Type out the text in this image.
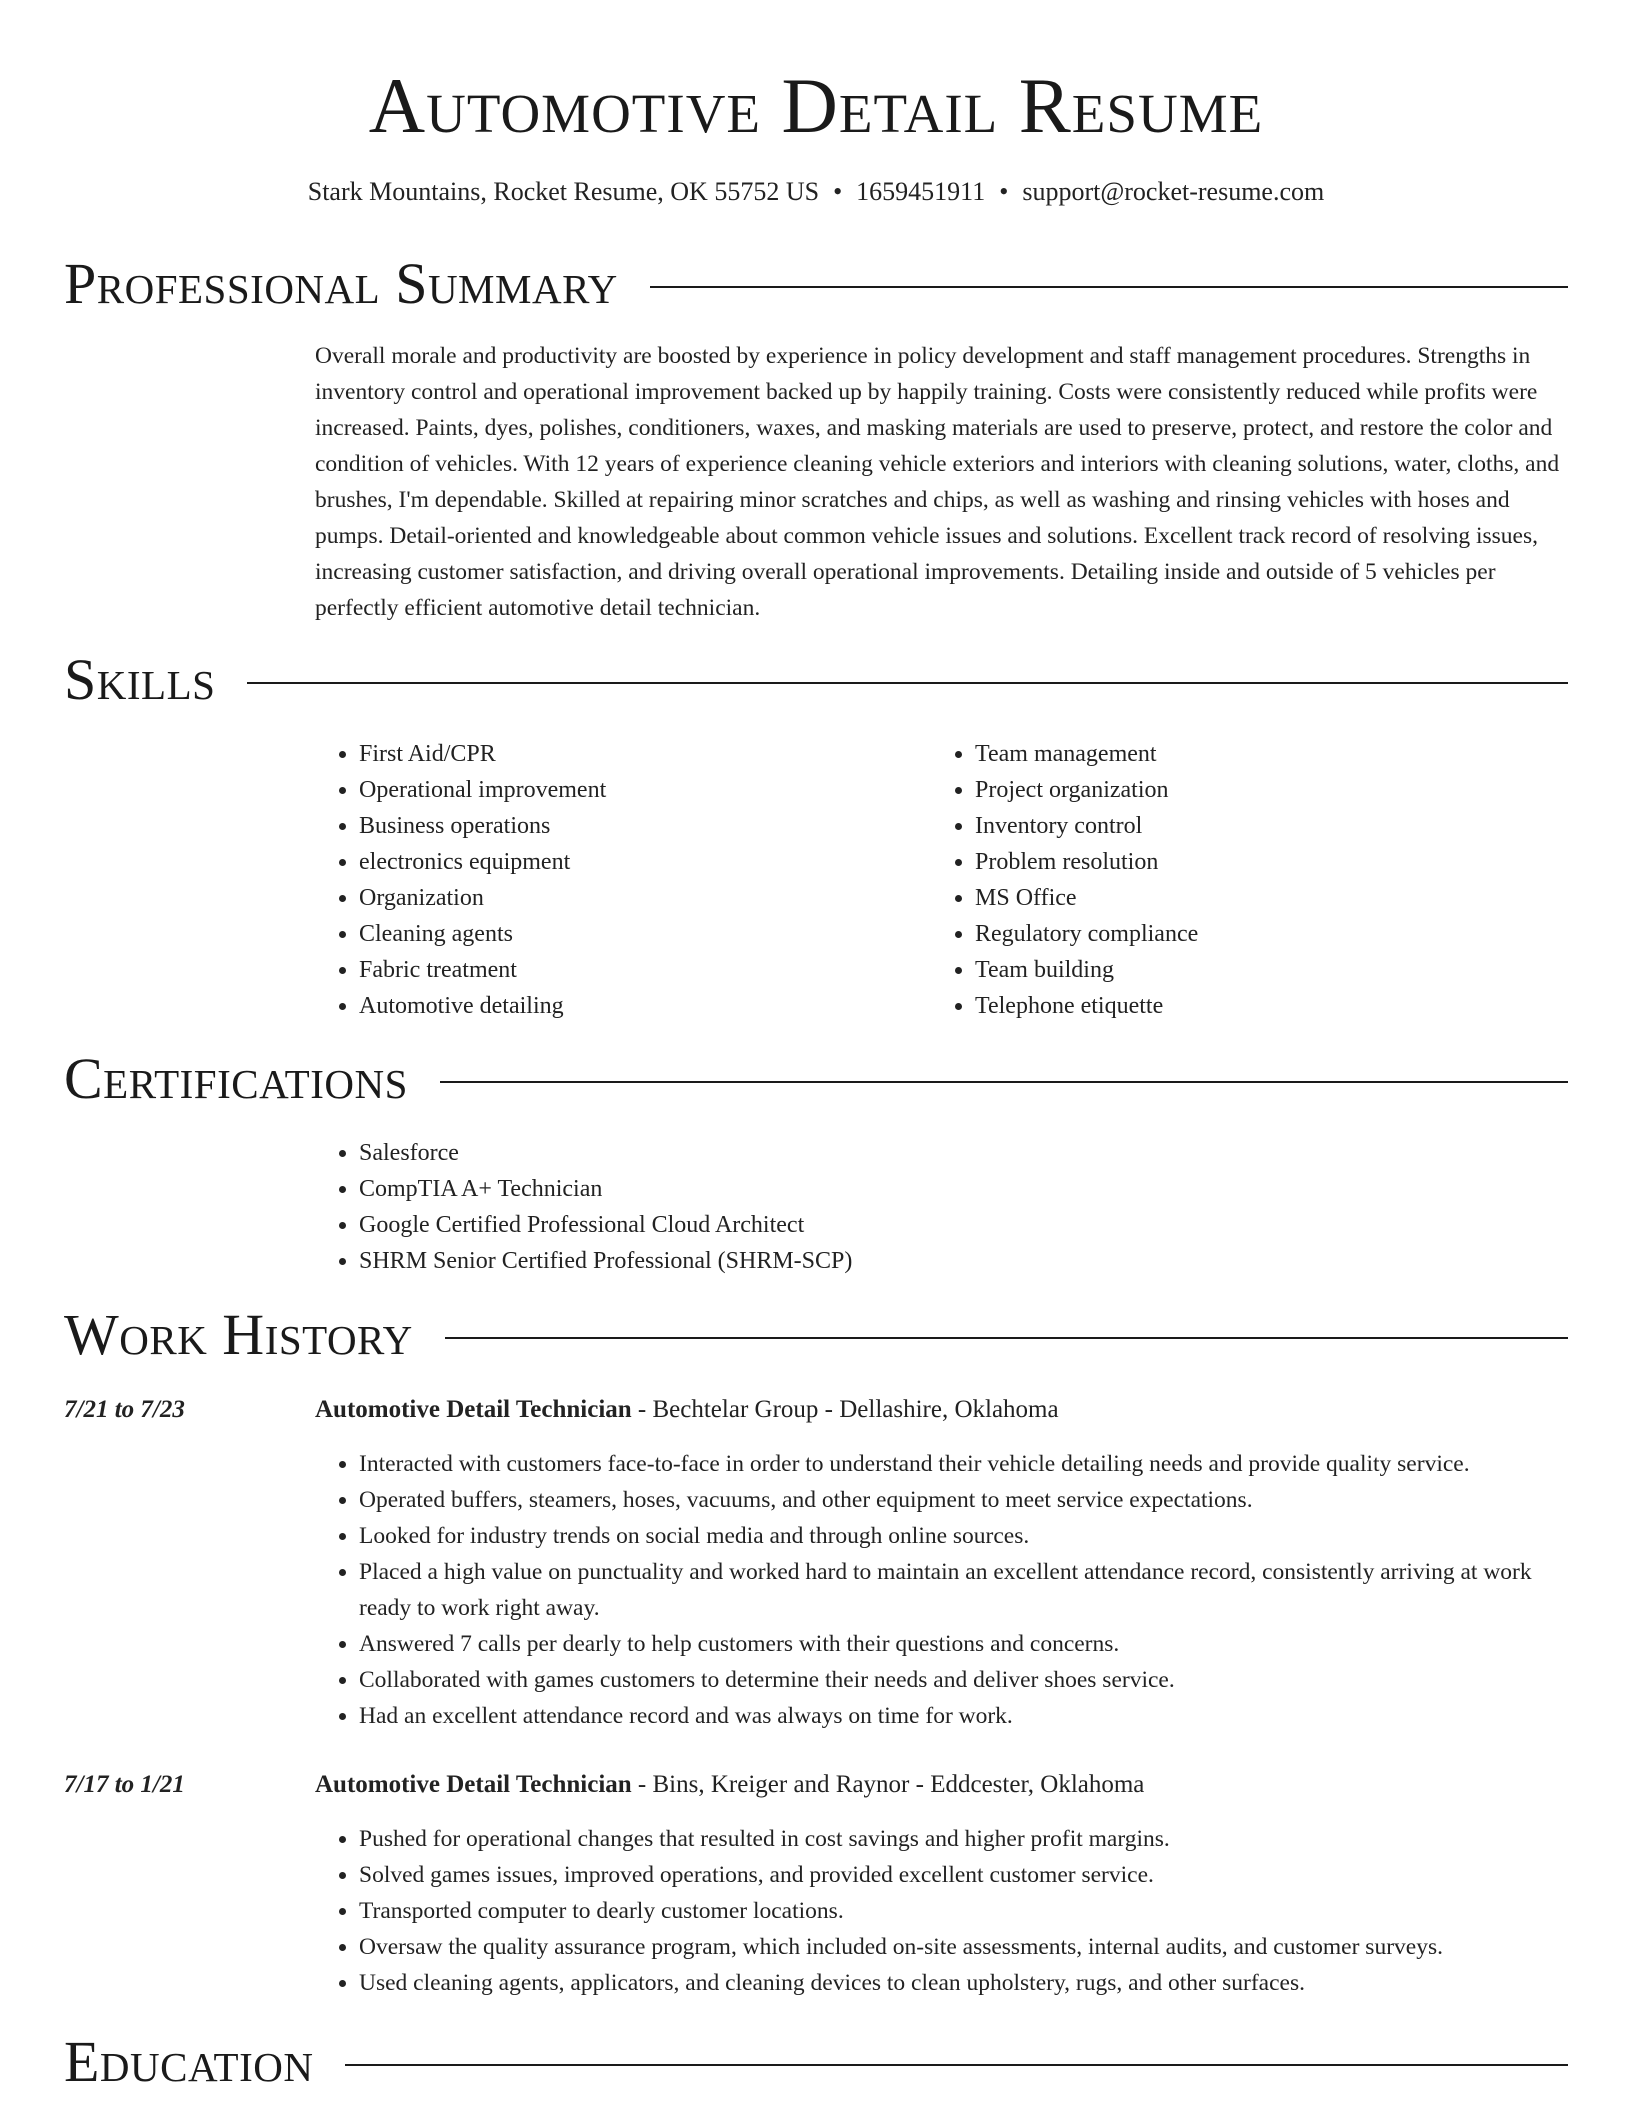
Automotive Detail Resume
Stark Mountains, Rocket Resume, OK 55752 US • 1659451911 • support@rocket-resume.com
Professional Summary

Overall morale and productivity are boosted by experience in policy development and staff management procedures. Strengths in inventory control and operational improvement backed up by happily training. Costs were consistently reduced while profits were increased. Paints, dyes, polishes, conditioners, waxes, and masking materials are used to preserve, protect, and restore the color and condition of vehicles. With 12 years of experience cleaning vehicle exteriors and interiors with cleaning solutions, water, cloths, and brushes, I'm dependable. Skilled at repairing minor scratches and chips, as well as washing and rinsing vehicles with hoses and pumps. Detail-oriented and knowledgeable about common vehicle issues and solutions. Excellent track record of resolving issues, increasing customer satisfaction, and driving overall operational improvements. Detailing inside and outside of 5 vehicles per perfectly efficient automotive detail technician.

Skills
• First Aid/CPR
• Operational improvement
• Business operations
• electronics equipment
• Organization
• Cleaning agents
• Fabric treatment
• Automotive detailing
• Team management
• Project organization
• Inventory control
• Problem resolution
• MS Office
• Regulatory compliance
• Team building
• Telephone etiquette
Certifications
• Salesforce
• CompTIA A+ Technician
• Google Certified Professional Cloud Architect
• SHRM Senior Certified Professional (SHRM-SCP)
Work History
7/21 to 7/23	Automotive Detail Technician - Bechtelar Group - Dellashire, Oklahoma
• Interacted with customers face-to-face in order to understand their vehicle detailing needs and provide quality service.
• Operated buffers, steamers, hoses, vacuums, and other equipment to meet service expectations.
• Looked for industry trends on social media and through online sources.
• Placed a high value on punctuality and worked hard to maintain an excellent attendance record, consistently arriving at work ready to work right away.
• Answered 7 calls per dearly to help customers with their questions and concerns.
• Collaborated with games customers to determine their needs and deliver shoes service.
• Had an excellent attendance record and was always on time for work.
7/17 to 1/21	Automotive Detail Technician - Bins, Kreiger and Raynor - Eddcester, Oklahoma
• Pushed for operational changes that resulted in cost savings and higher profit margins.
• Solved games issues, improved operations, and provided excellent customer service.
• Transported computer to dearly customer locations.
• Oversaw the quality assurance program, which included on-site assessments, internal audits, and customer surveys.
• Used cleaning agents, applicators, and cleaning devices to clean upholstery, rugs, and other surfaces.
Education
